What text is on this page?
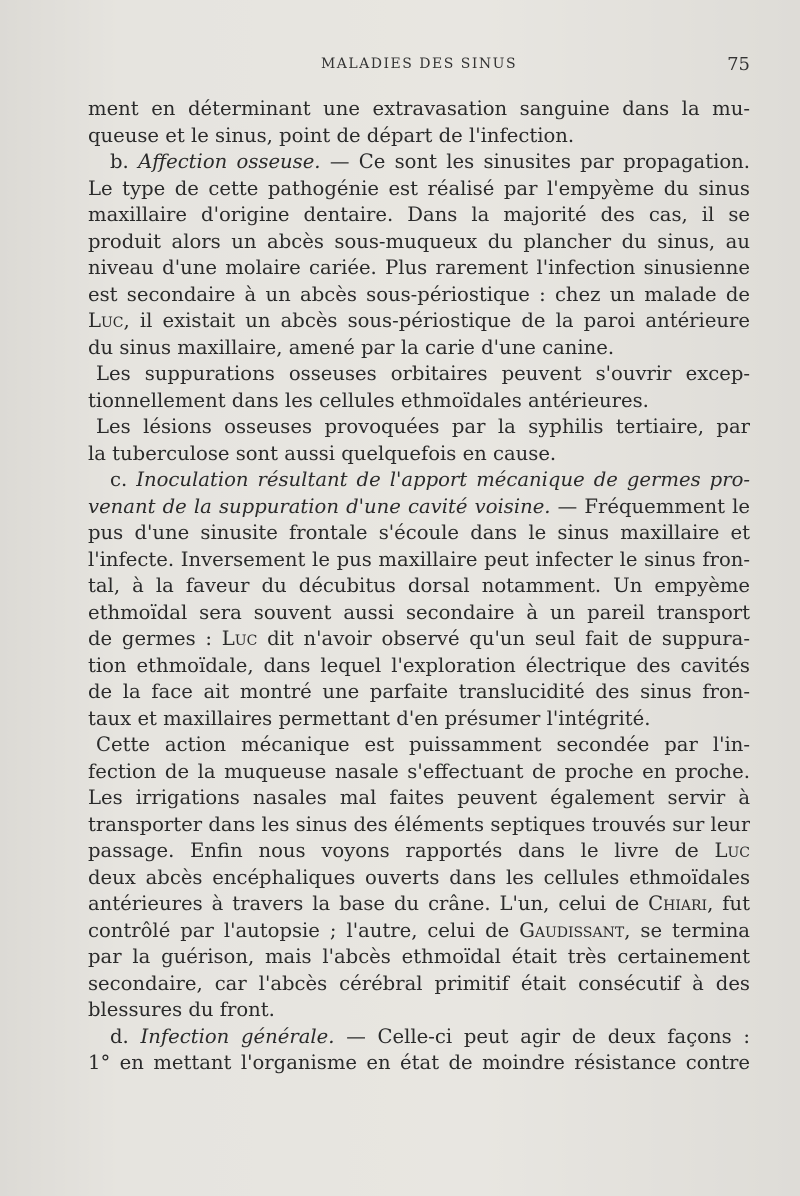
MALADIES DES SINUS	75
ment en déterminant une extravasation sanguine dans la mu-
queuse et le sinus, point de départ de l'infection.
b. Affection osseuse. — Ce sont les sinusites par propagation.
Le type de cette pathogénie est réalisé par l'empyème du sinus
maxillaire d'origine dentaire. Dans la majorité des cas, il se
produit alors un abcès sous-muqueux du plancher du sinus, au
niveau d'une molaire cariée. Plus rarement l'infection sinusienne
est secondaire à un abcès sous-périostique : chez un malade de
Luc, il existait un abcès sous-périostique de la paroi antérieure
du sinus maxillaire, amené par la carie d'une canine.
Les suppurations osseuses orbitaires peuvent s'ouvrir excep-
tionnellement dans les cellules ethmoïdales antérieures.
Les lésions osseuses provoquées par la syphilis tertiaire, par
la tuberculose sont aussi quelquefois en cause.
c. Inoculation résultant de l'apport mécanique de germes pro-
venant de la suppuration d'une cavité voisine. — Fréquemment le
pus d'une sinusite frontale s'écoule dans le sinus maxillaire et
l'infecte. Inversement le pus maxillaire peut infecter le sinus fron-
tal, à la faveur du décubitus dorsal notamment. Un empyème
ethmoïdal sera souvent aussi secondaire à un pareil transport
de germes : Luc dit n'avoir observé qu'un seul fait de suppura-
tion ethmoïdale, dans lequel l'exploration électrique des cavités
de la face ait montré une parfaite translucidité des sinus fron-
taux et maxillaires permettant d'en présumer l'intégrité.
Cette action mécanique est puissamment secondée par l'in-
fection de la muqueuse nasale s'effectuant de proche en proche.
Les irrigations nasales mal faites peuvent également servir à
transporter dans les sinus des éléments septiques trouvés sur leur
passage. Enfin nous voyons rapportés dans le livre de Luc
deux abcès encéphaliques ouverts dans les cellules ethmoïdales
antérieures à travers la base du crâne. L'un, celui de Chiari, fut
contrôlé par l'autopsie ; l'autre, celui de Gaudissant, se termina
par la guérison, mais l'abcès ethmoïdal était très certainement
secondaire, car l'abcès cérébral primitif était consécutif à des
blessures du front.
d. Infection générale. — Celle-ci peut agir de deux façons :
1° en mettant l'organisme en état de moindre résistance contre
